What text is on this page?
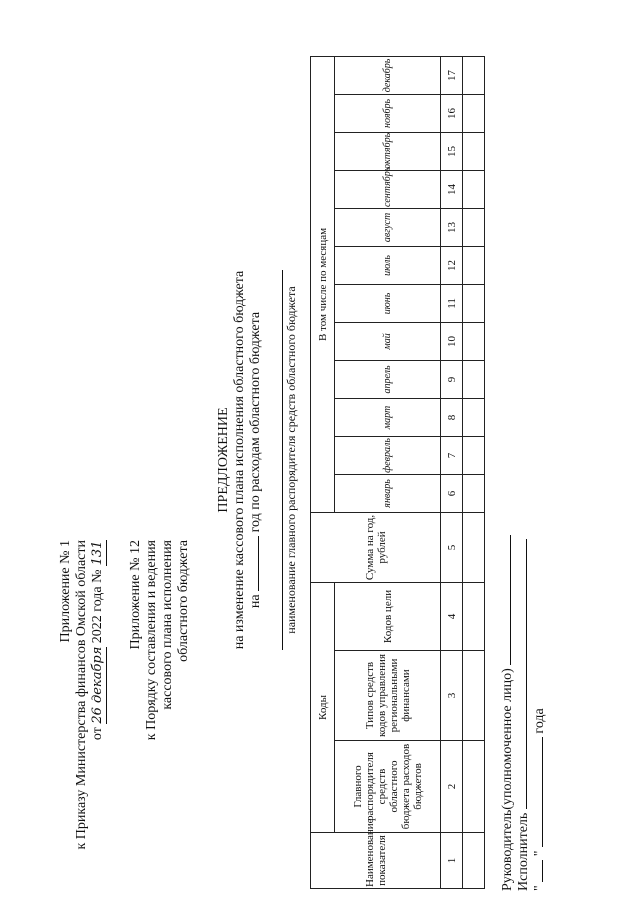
Приложение № 1 к Приказу Министерства финансов Омской области от 26 декабря 2022 года № 131 Приложение № 12 к Порядку составления и ведения кассового плана исполнения областного бюджета
ПРЕДЛОЖЕНИЕ на изменение кассового плана исполнения областного бюджета на  год по расходам областного бюджета наименование главного распорядителя средств областного бюджета
Наименование показателя	Коды			Сумма на год, рублей	В том числе по месяцам											
	Главного распорядителя средств областного бюджета расходов бюджетов	Типов средств кодов управления региональными финансами	Кодов цели		январь	февраль	март	апрель	май	июнь	июль	август	сентябрь	октябрь	ноябрь	декабрь
1	2	3	4	5	6	7	8	9	10	11	12	13	14	15	16	17

Руководитель(уполномоченное лицо) Исполнитель "  "  года
